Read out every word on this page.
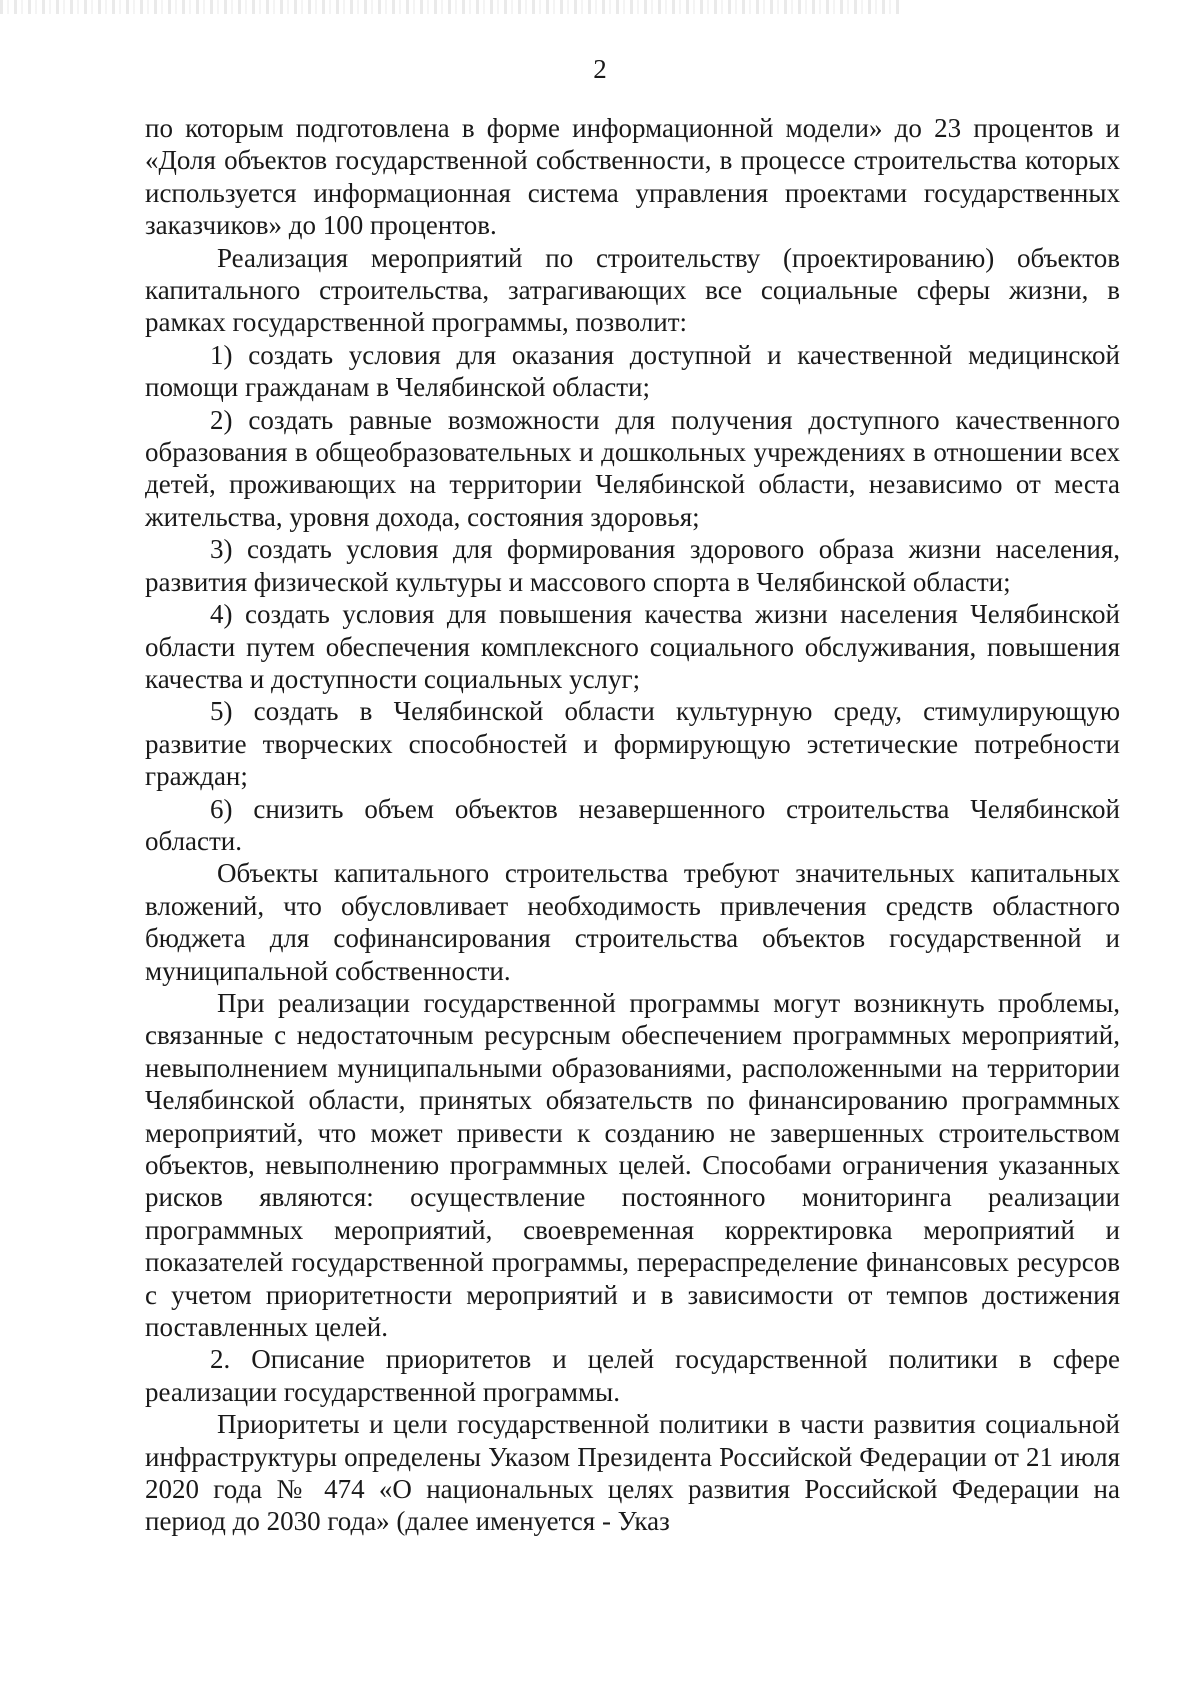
2

по которым подготовлена в форме информационной модели» до 23 процентов и «Доля объектов государственной собственности, в процессе строительства которых используется информационная система управления проектами государственных заказчиков» до 100 процентов.

Реализация мероприятий по строительству (проектированию) объектов капитального строительства, затрагивающих все социальные сферы жизни, в рамках государственной программы, позволит:

1) создать условия для оказания доступной и качественной медицинской помощи гражданам в Челябинской области;

2) создать равные возможности для получения доступного качественного образования в общеобразовательных и дошкольных учреждениях в отношении всех детей, проживающих на территории Челябинской области, независимо от места жительства, уровня дохода, состояния здоровья;

3) создать условия для формирования здорового образа жизни населения, развития физической культуры и массового спорта в Челябинской области;

4) создать условия для повышения качества жизни населения Челябинской области путем обеспечения комплексного социального обслуживания, повышения качества и доступности социальных услуг;

5) создать в Челябинской области культурную среду, стимулирующую развитие творческих способностей и формирующую эстетические потребности граждан;

6) снизить объем объектов незавершенного строительства Челябинской области.

Объекты капитального строительства требуют значительных капитальных вложений, что обусловливает необходимость привлечения средств областного бюджета для софинансирования строительства объектов государственной и муниципальной собственности.

При реализации государственной программы могут возникнуть проблемы, связанные с недостаточным ресурсным обеспечением программных мероприятий, невыполнением муниципальными образованиями, расположенными на территории Челябинской области, принятых обязательств по финансированию программных мероприятий, что может привести к созданию не завершенных строительством объектов, невыполнению программных целей. Способами ограничения указанных рисков являются: осуществление постоянного мониторинга реализации программных мероприятий, своевременная корректировка мероприятий и показателей государственной программы, перераспределение финансовых ресурсов с учетом приоритетности мероприятий и в зависимости от темпов достижения поставленных целей.

2. Описание приоритетов и целей государственной политики в сфере реализации государственной программы.

Приоритеты и цели государственной политики в части развития социальной инфраструктуры определены Указом Президента Российской Федерации от 21 июля 2020 года № 474 «О национальных целях развития Российской Федерации на период до 2030 года» (далее именуется - Указ
